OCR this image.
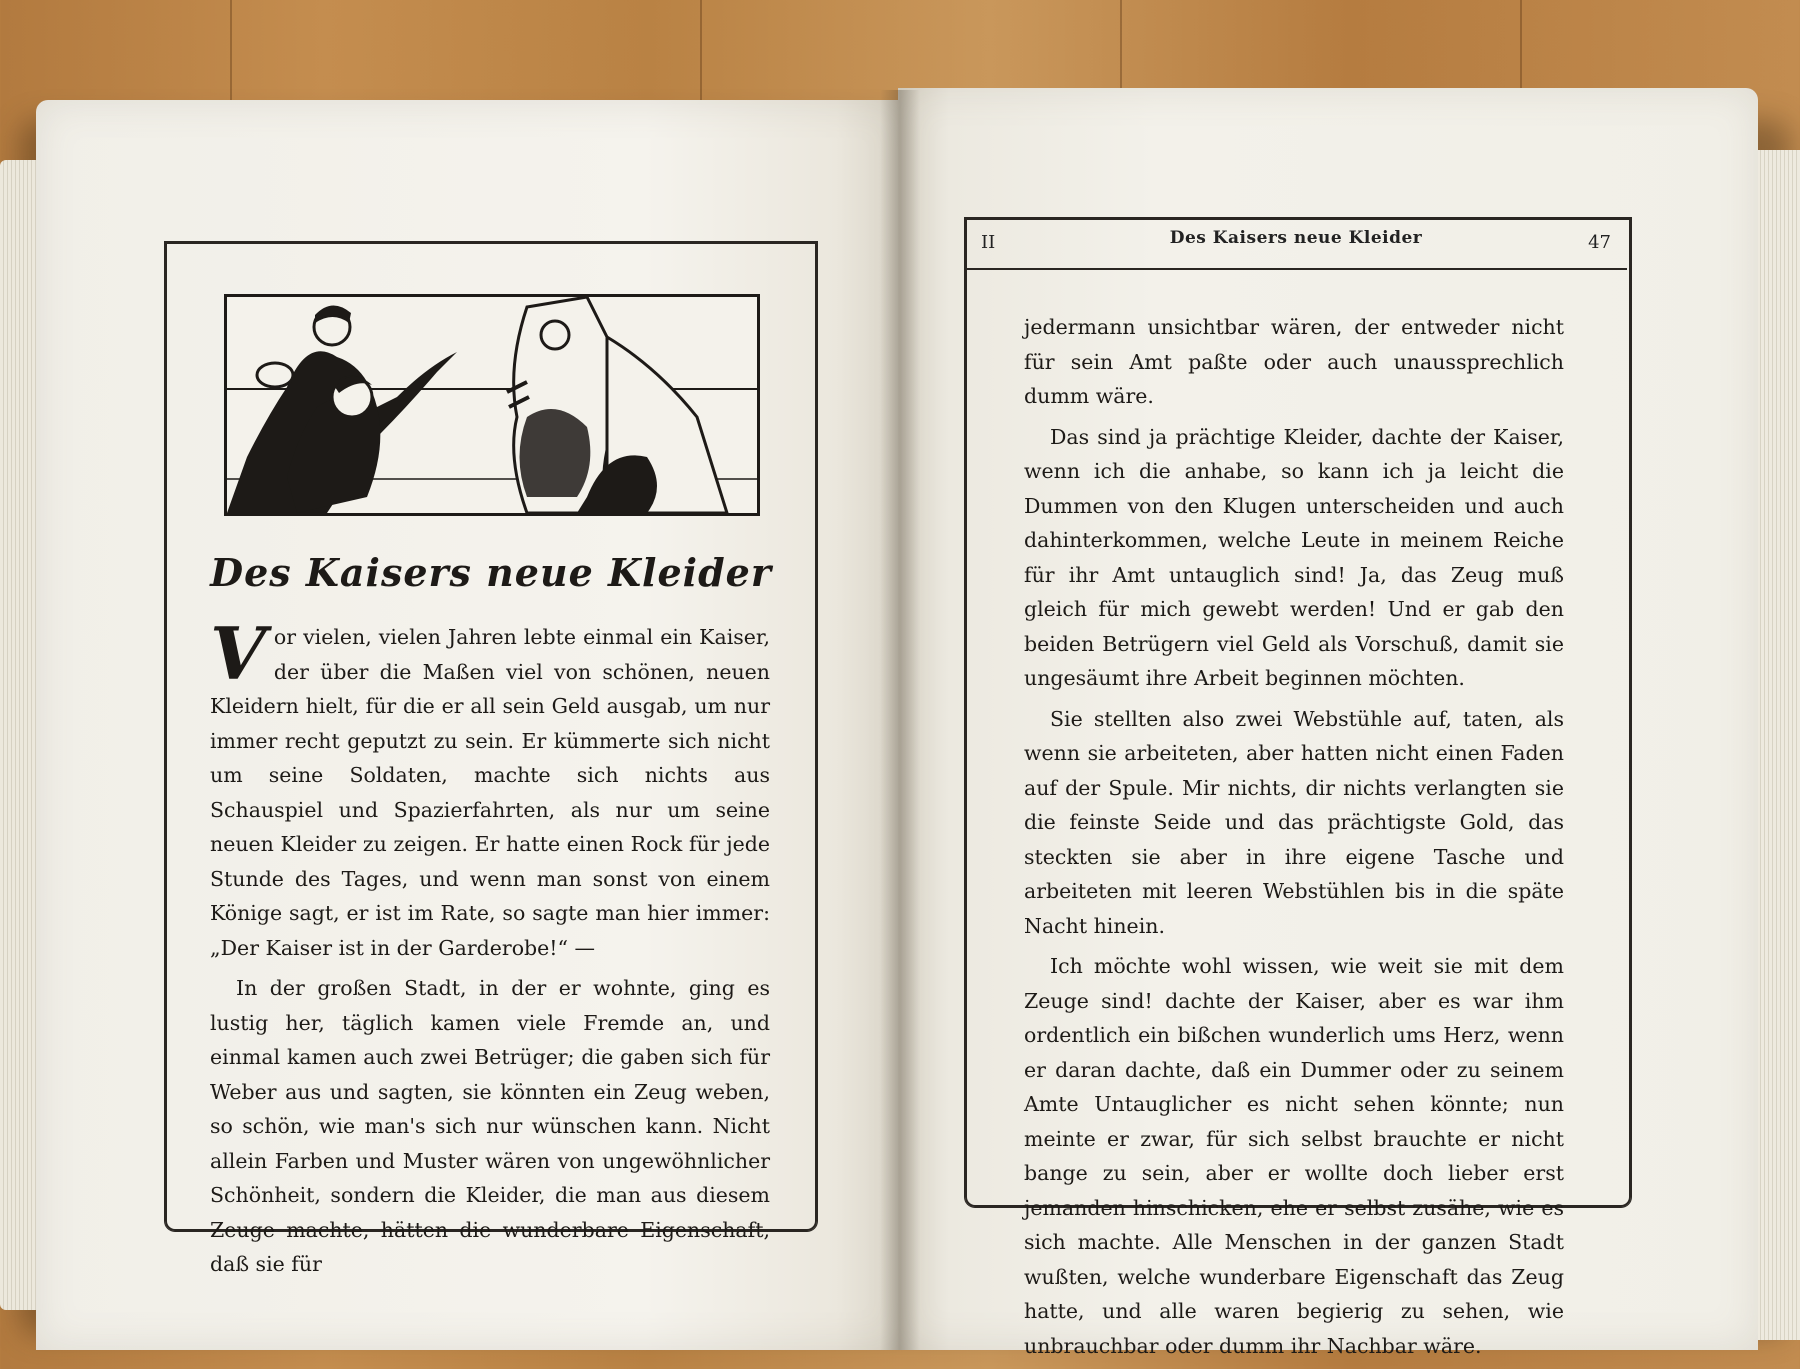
Des Kaisers neue Kleider

Vor vielen, vielen Jahren lebte einmal ein Kaiser, der über die Maßen viel von schönen, neuen Kleidern hielt, für die er all sein Geld ausgab, um nur immer recht geputzt zu sein. Er kümmerte sich nicht um seine Soldaten, machte sich nichts aus Schauspiel und Spazierfahrten, als nur um seine neuen Kleider zu zeigen. Er hatte einen Rock für jede Stunde des Tages, und wenn man sonst von einem Könige sagt, er ist im Rate, so sagte man hier immer: „Der Kaiser ist in der Garderobe!“ —

In der großen Stadt, in der er wohnte, ging es lustig her, täglich kamen viele Fremde an, und einmal kamen auch zwei Betrüger; die gaben sich für Weber aus und sagten, sie könnten ein Zeug weben, so schön, wie man's sich nur wünschen kann. Nicht allein Farben und Muster wären von ungewöhnlicher Schönheit, sondern die Kleider, die man aus diesem Zeuge machte, hätten die wunderbare Eigenschaft, daß sie für

II	Des Kaisers neue Kleider	47

jedermann unsichtbar wären, der entweder nicht für sein Amt paßte oder auch unaussprechlich dumm wäre.

Das sind ja prächtige Kleider, dachte der Kaiser, wenn ich die anhabe, so kann ich ja leicht die Dummen von den Klugen unterscheiden und auch dahinterkommen, welche Leute in meinem Reiche für ihr Amt untauglich sind! Ja, das Zeug muß gleich für mich gewebt werden! Und er gab den beiden Betrügern viel Geld als Vorschuß, damit sie ungesäumt ihre Arbeit beginnen möchten.

Sie stellten also zwei Webstühle auf, taten, als wenn sie arbeiteten, aber hatten nicht einen Faden auf der Spule. Mir nichts, dir nichts verlangten sie die feinste Seide und das prächtigste Gold, das steckten sie aber in ihre eigene Tasche und arbeiteten mit leeren Webstühlen bis in die späte Nacht hinein.

Ich möchte wohl wissen, wie weit sie mit dem Zeuge sind! dachte der Kaiser, aber es war ihm ordentlich ein bißchen wunderlich ums Herz, wenn er daran dachte, daß ein Dummer oder zu seinem Amte Untauglicher es nicht sehen könnte; nun meinte er zwar, für sich selbst brauchte er nicht bange zu sein, aber er wollte doch lieber erst jemanden hinschicken, ehe er selbst zusähe, wie es sich machte. Alle Menschen in der ganzen Stadt wußten, welche wunderbare Eigenschaft das Zeug hatte, und alle waren begierig zu sehen, wie unbrauchbar oder dumm ihr Nachbar wäre.
